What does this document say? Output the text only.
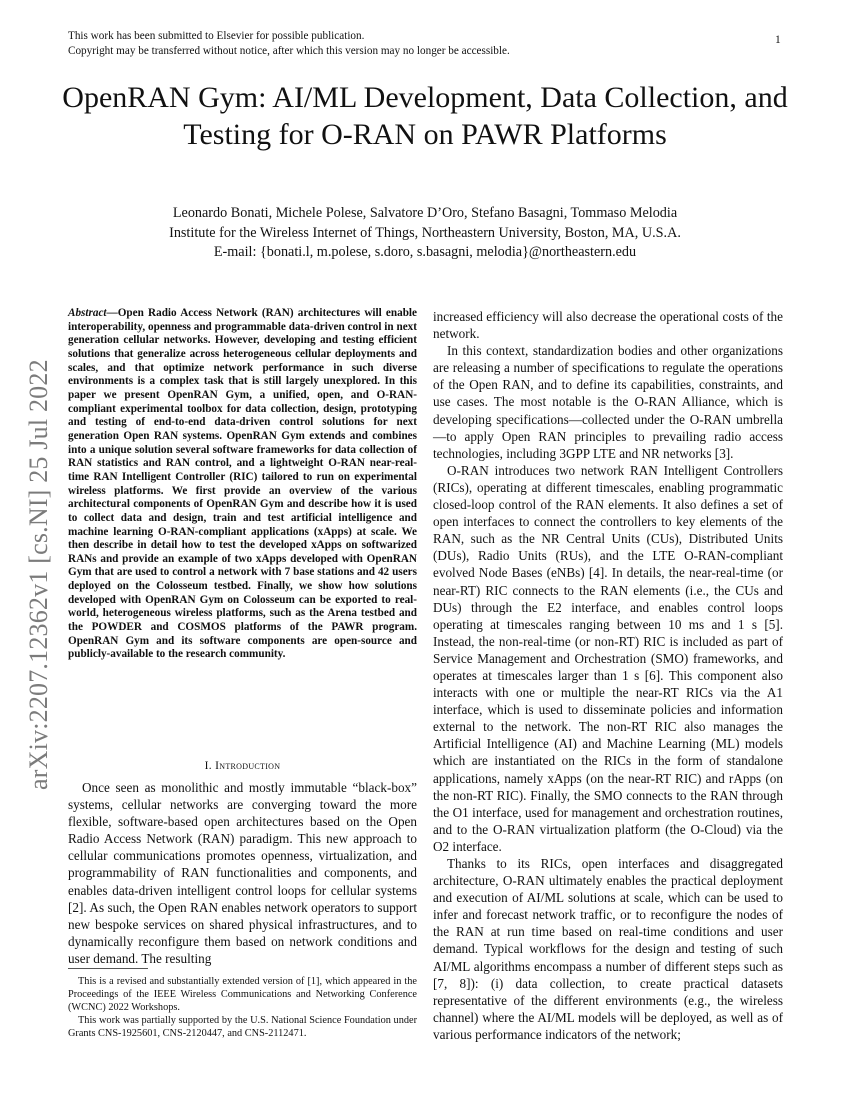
This work has been submitted to Elsevier for possible publication.
Copyright may be transferred without notice, after which this version may no longer be accessible.
1
OpenRAN Gym: AI/ML Development, Data Collection, and Testing for O-RAN on PAWR Platforms
Leonardo Bonati, Michele Polese, Salvatore D’Oro, Stefano Basagni, Tommaso Melodia
Institute for the Wireless Internet of Things, Northeastern University, Boston, MA, U.S.A.
E-mail: {bonati.l, m.polese, s.doro, s.basagni, melodia}@northeastern.edu
arXiv:2207.12362v1 [cs.NI] 25 Jul 2022
Abstract—Open Radio Access Network (RAN) architectures will enable interoperability, openness and programmable data-driven control in next generation cellular networks. However, developing and testing efficient solutions that generalize across heterogeneous cellular deployments and scales, and that optimize network performance in such diverse environments is a complex task that is still largely unexplored. In this paper we present OpenRAN Gym, a unified, open, and O-RAN-compliant experimental toolbox for data collection, design, prototyping and testing of end-to-end data-driven control solutions for next generation Open RAN systems. OpenRAN Gym extends and combines into a unique solution several software frameworks for data collection of RAN statistics and RAN control, and a lightweight O-RAN near-real-time RAN Intelligent Controller (RIC) tailored to run on experimental wireless platforms. We first provide an overview of the various architectural components of OpenRAN Gym and describe how it is used to collect data and design, train and test artificial intelligence and machine learning O-RAN-compliant applications (xApps) at scale. We then describe in detail how to test the developed xApps on softwarized RANs and provide an example of two xApps developed with OpenRAN Gym that are used to control a network with 7 base stations and 42 users deployed on the Colosseum testbed. Finally, we show how solutions developed with OpenRAN Gym on Colosseum can be exported to real-world, heterogeneous wireless platforms, such as the Arena testbed and the POWDER and COSMOS platforms of the PAWR program. OpenRAN Gym and its software components are open-source and publicly-available to the research community.
I. Introduction

Once seen as monolithic and mostly immutable “black-box” systems, cellular networks are converging toward the more flexible, software-based open architectures based on the Open Radio Access Network (RAN) paradigm. This new approach to cellular communications promotes openness, virtualization, and programmability of RAN functionalities and components, and enables data-driven intelligent control loops for cellular systems [2]. As such, the Open RAN enables network operators to support new bespoke services on shared physical infrastructures, and to dynamically reconfigure them based on network conditions and user demand. The resulting

This is a revised and substantially extended version of [1], which appeared in the Proceedings of the IEEE Wireless Communications and Networking Conference (WCNC) 2022 Workshops.

This work was partially supported by the U.S. National Science Foundation under Grants CNS-1925601, CNS-2120447, and CNS-2112471.

increased efficiency will also decrease the operational costs of the network.

In this context, standardization bodies and other organizations are releasing a number of specifications to regulate the operations of the Open RAN, and to define its capabilities, constraints, and use cases. The most notable is the O-RAN Alliance, which is developing specifications—collected under the O-RAN umbrella—to apply Open RAN principles to prevailing radio access technologies, including 3GPP LTE and NR networks [3].

O-RAN introduces two network RAN Intelligent Controllers (RICs), operating at different timescales, enabling programmatic closed-loop control of the RAN elements. It also defines a set of open interfaces to connect the controllers to key elements of the RAN, such as the NR Central Units (CUs), Distributed Units (DUs), Radio Units (RUs), and the LTE O-RAN-compliant evolved Node Bases (eNBs) [4]. In details, the near-real-time (or near-RT) RIC connects to the RAN elements (i.e., the CUs and DUs) through the E2 interface, and enables control loops operating at timescales ranging between 10 ms and 1 s [5]. Instead, the non-real-time (or non-RT) RIC is included as part of Service Management and Orchestration (SMO) frameworks, and operates at timescales larger than 1 s [6]. This component also interacts with one or multiple the near-RT RICs via the A1 interface, which is used to disseminate policies and information external to the network. The non-RT RIC also manages the Artificial Intelligence (AI) and Machine Learning (ML) models which are instantiated on the RICs in the form of standalone applications, namely xApps (on the near-RT RIC) and rApps (on the non-RT RIC). Finally, the SMO connects to the RAN through the O1 interface, used for management and orchestration routines, and to the O-RAN virtualization platform (the O-Cloud) via the O2 interface.

Thanks to its RICs, open interfaces and disaggregated architecture, O-RAN ultimately enables the practical deployment and execution of AI/ML solutions at scale, which can be used to infer and forecast network traffic, or to reconfigure the nodes of the RAN at run time based on real-time conditions and user demand. Typical workflows for the design and testing of such AI/ML algorithms encompass a number of different steps such as [7, 8]): (i) data collection, to create practical datasets representative of the different environments (e.g., the wireless channel) where the AI/ML models will be deployed, as well as of various performance indicators of the network;
